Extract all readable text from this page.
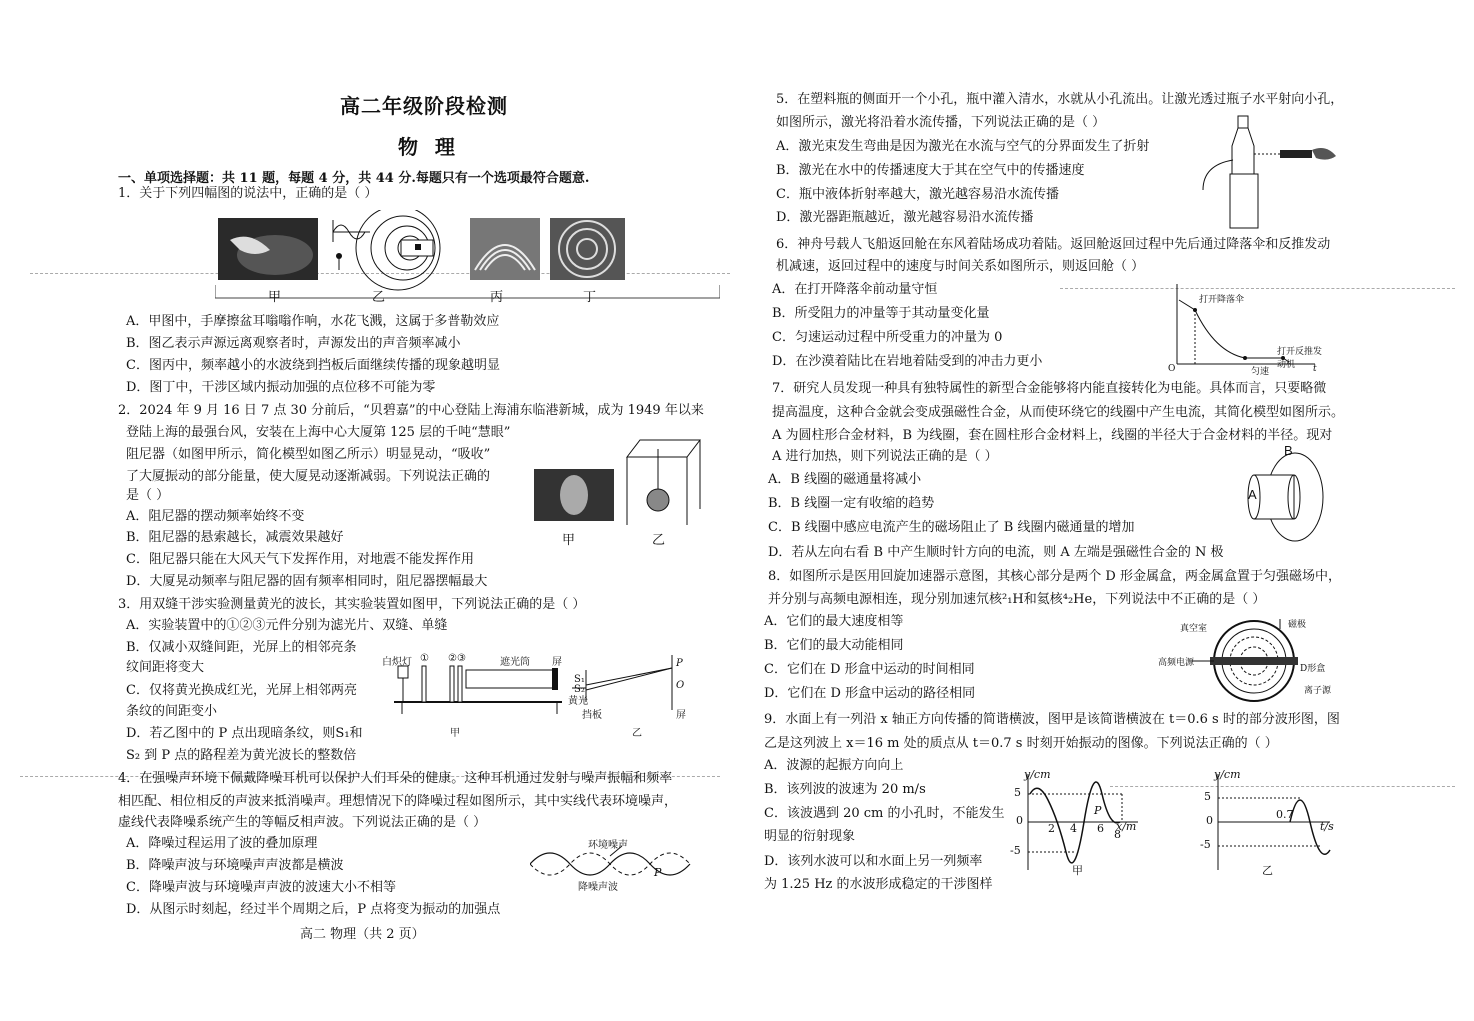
高二年级阶段检测
物  理
一、单项选择题：共 11 题，每题 4 分，共 44 分.每题只有一个选项最符合题意.
1．关于下列四幅图的说法中，正确的是（ ）
甲	乙	丙	丁
A．甲图中，手摩擦盆耳嗡嗡作响，水花飞溅，这属于多普勒效应
B．图乙表示声源远离观察者时，声源发出的声音频率减小
C．图丙中，频率越小的水波绕到挡板后面继续传播的现象越明显
D．图丁中，干涉区域内振动加强的点位移不可能为零
2．2024 年 9 月 16 日 7 点 30 分前后，“贝碧嘉”的中心登陆上海浦东临港新城，成为 1949 年以来
登陆上海的最强台风，安装在上海中心大厦第 125 层的千吨“慧眼”
阻尼器（如图甲所示，简化模型如图乙所示）明显晃动，“吸收”
了大厦振动的部分能量，使大厦晃动逐渐减弱。下列说法正确的
是（ ）
甲	乙
A．阻尼器的摆动频率始终不变
B．阻尼器的悬索越长，减震效果越好
C．阻尼器只能在大风天气下发挥作用，对地震不能发挥作用
D．大厦晃动频率与阻尼器的固有频率相同时，阻尼器摆幅最大
3．用双缝干涉实验测量黄光的波长，其实验装置如图甲，下列说法正确的是（ ）
A．实验装置中的①②③元件分别为滤光片、双缝、单缝
B．仅减小双缝间距，光屏上的相邻亮条
纹间距将变大
C．仅将黄光换成红光，光屏上相邻两亮
条纹的间距变小
D．若乙图中的 P 点出现暗条纹，则S₁和
S₂ 到 P 点的路程差为黄光波长的整数倍
白炽灯 ① ②③	遮光筒 屏
甲	乙
黄光
挡板
P
O
屏
S₁
S₂
4．在强噪声环境下佩戴降噪耳机可以保护人们耳朵的健康。这种耳机通过发射与噪声振幅和频率
相匹配、相位相反的声波来抵消噪声。理想情况下的降噪过程如图所示，其中实线代表环境噪声，
虚线代表降噪系统产生的等幅反相声波。下列说法正确的是（ ）
A．降噪过程运用了波的叠加原理
B．降噪声波与环境噪声声波都是横波
C．降噪声波与环境噪声声波的波速大小不相等
D．从图示时刻起，经过半个周期之后，P 点将变为振动的加强点
环境噪声
降噪声波
P
高二 物理（共 2 页）
5．在塑料瓶的侧面开一个小孔，瓶中灌入清水，水就从小孔流出。让激光透过瓶子水平射向小孔，
如图所示，激光将沿着水流传播，下列说法正确的是（ ）
A．激光束发生弯曲是因为激光在水流与空气的分界面发生了折射
B．激光在水中的传播速度大于其在空气中的传播速度
C．瓶中液体折射率越大，激光越容易沿水流传播
D．激光器距瓶越近，激光越容易沿水流传播
6．神舟号载人飞船返回舱在东风着陆场成功着陆。返回舱返回过程中先后通过降落伞和反推发动
机减速，返回过程中的速度与时间关系如图所示，则返回舱（ ）
A．在打开降落伞前动量守恒
B．所受阻力的冲量等于其动量变化量
C．匀速运动过程中所受重力的冲量为 0
D．在沙漠着陆比在岩地着陆受到的冲击力更小
打开降落伞
匀速
打开反推发动机
O	t
7．研究人员发现一种具有独特属性的新型合金能够将内能直接转化为电能。具体而言，只要略微
提高温度，这种合金就会变成强磁性合金，从而使环绕它的线圈中产生电流，其简化模型如图所示。
A 为圆柱形合金材料，B 为线圈，套在圆柱形合金材料上，线圈的半径大于合金材料的半径。现对
A 进行加热，则下列说法正确的是（ ）
A．B 线圈的磁通量将减小
B．B 线圈一定有收缩的趋势
C．B 线圈中感应电流产生的磁场阻止了 B 线圈内磁通量的增加
D．若从左向右看 B 中产生顺时针方向的电流，则 A 左端是强磁性合金的 N 极
A
B
8．如图所示是医用回旋加速器示意图，其核心部分是两个 D 形金属盒，两金属盒置于匀强磁场中，
并分别与高频电源相连，现分别加速氘核²₁H和氦核⁴₂He，下列说法中不正确的是（ ）
A．它们的最大速度相等
B．它们的最大动能相同
C．它们在 D 形盒中运动的时间相同
D．它们在 D 形盒中运动的路径相同
真空室	磁极
高频电源
D形盒
离子源
9．水面上有一列沿 x 轴正方向传播的简谐横波，图甲是该简谐横波在 t＝0.6 s 时的部分波形图，图
乙是这列波上 x＝16 m 处的质点从 t＝0.7 s 时刻开始振动的图像。下列说法正确的（ ）
A．波源的起振方向向上
B．该列波的波速为 20 m/s
C．该波遇到 20 cm 的小孔时，不能发生
明显的衍射现象
D．该列水波可以和水面上另一列频率
为 1.25 Hz 的水波形成稳定的干涉图样
y/cm
x/m
5
0
-5
2 4 6 8
P
甲
y/cm
t/s
5
0
-5
0.7
乙
